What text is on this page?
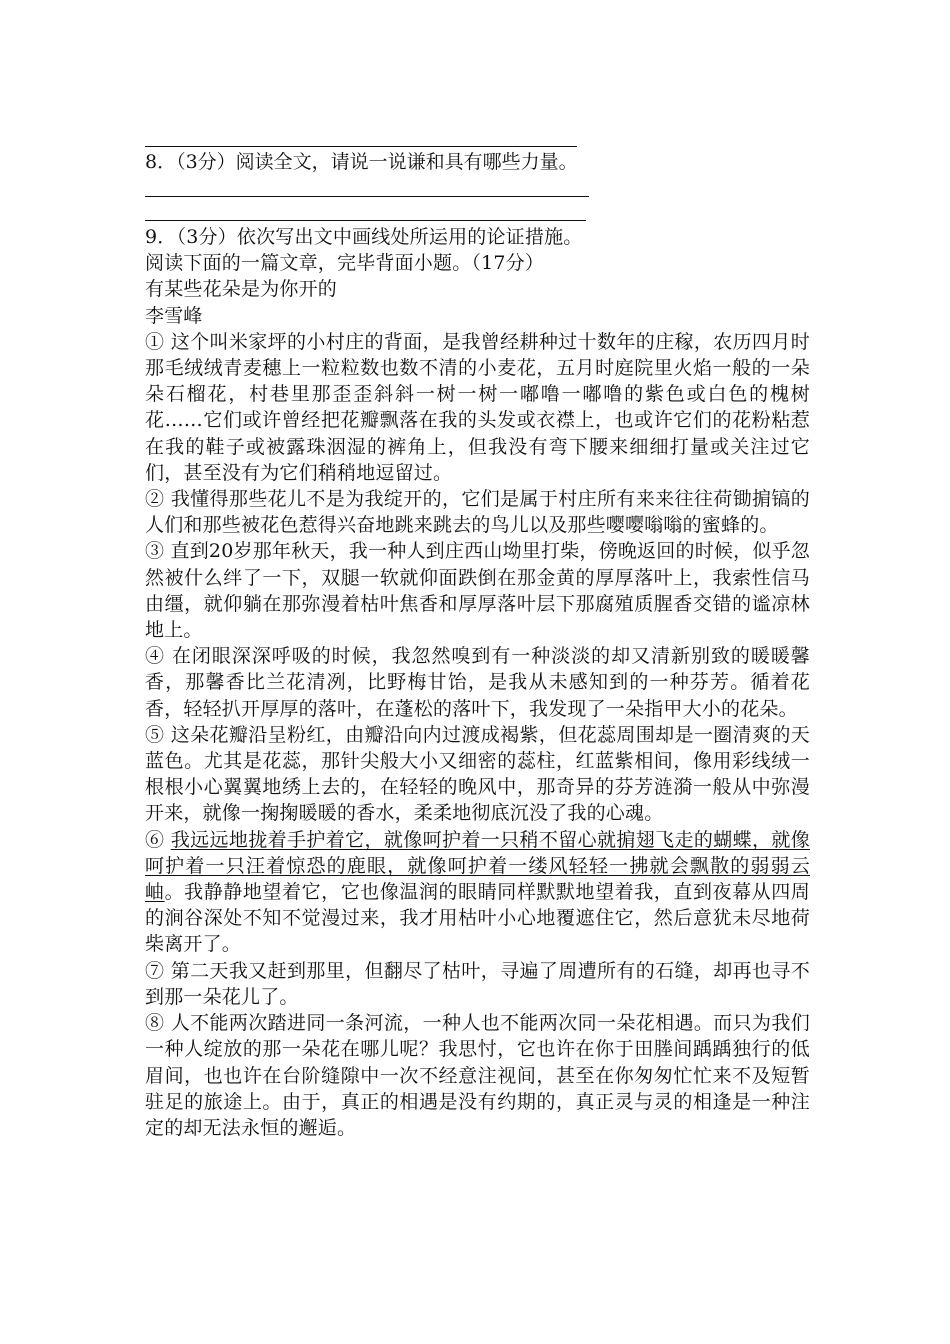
8．（3分）阅读全文，请说一说谦和具有哪些力量。

9．（3分）依次写出文中画线处所运用的论证措施。

阅读下面的一篇文章，完毕背面小题。（17分）

有某些花朵是为你开的

李雪峰

① 这个叫米家坪的小村庄的背面，是我曾经耕种过十数年的庄稼，农历四月时那毛绒绒青麦穗上一粒粒数也数不清的小麦花，五月时庭院里火焰一般的一朵朵石榴花，村巷里那歪歪斜斜一树一树一嘟噜一嘟噜的紫色或白色的槐树花……它们或许曾经把花瓣飘落在我的头发或衣襟上，也或许它们的花粉粘惹在我的鞋子或被露珠洇湿的裤角上，但我没有弯下腰来细细打量或关注过它们，甚至没有为它们稍稍地逗留过。

② 我懂得那些花儿不是为我绽开的，它们是属于村庄所有来来往往荷锄掮镐的人们和那些被花色惹得兴奋地跳来跳去的鸟儿以及那些嘤嘤嗡嗡的蜜蜂的。

③ 直到20岁那年秋天，我一种人到庄西山坳里打柴，傍晚返回的时候，似乎忽然被什么绊了一下，双腿一软就仰面跌倒在那金黄的厚厚落叶上，我索性信马由缰，就仰躺在那弥漫着枯叶焦香和厚厚落叶层下那腐殖质腥香交错的谧凉林地上。

④ 在闭眼深深呼吸的时候，我忽然嗅到有一种淡淡的却又清新别致的暖暖馨香，那馨香比兰花清冽，比野梅甘饴，是我从未感知到的一种芬芳。循着花香，轻轻扒开厚厚的落叶，在蓬松的落叶下，我发现了一朵指甲大小的花朵。

⑤ 这朵花瓣沿呈粉红，由瓣沿向内过渡成褐紫，但花蕊周围却是一圈清爽的天蓝色。尤其是花蕊，那针尖般大小又细密的蕊柱，红蓝紫相间，像用彩线绒一根根小心翼翼地绣上去的，在轻轻的晚风中，那奇异的芬芳涟漪一般从中弥漫开来，就像一掬掬暖暖的香水，柔柔地彻底沉没了我的心魂。

⑥ 我远远地拢着手护着它，就像呵护着一只稍不留心就掮翅飞走的蝴蝶，就像呵护着一只汪着惊恐的鹿眼，就像呵护着一缕风轻轻一拂就会飘散的弱弱云岫。我静静地望着它，它也像温润的眼睛同样默默地望着我，直到夜幕从四周的涧谷深处不知不觉漫过来，我才用枯叶小心地覆遮住它，然后意犹未尽地荷柴离开了。

⑦ 第二天我又赶到那里，但翻尽了枯叶，寻遍了周遭所有的石缝，却再也寻不到那一朵花儿了。

⑧ 人不能两次踏进同一条河流，一种人也不能两次同一朵花相遇。而只为我们一种人绽放的那一朵花在哪儿呢？我思忖，它也许在你于田塍间踽踽独行的低眉间，也也许在台阶缝隙中一次不经意注视间，甚至在你匆匆忙忙来不及短暂驻足的旅途上。由于，真正的相遇是没有约期的，真正灵与灵的相逢是一种注定的却无法永恒的邂逅。
